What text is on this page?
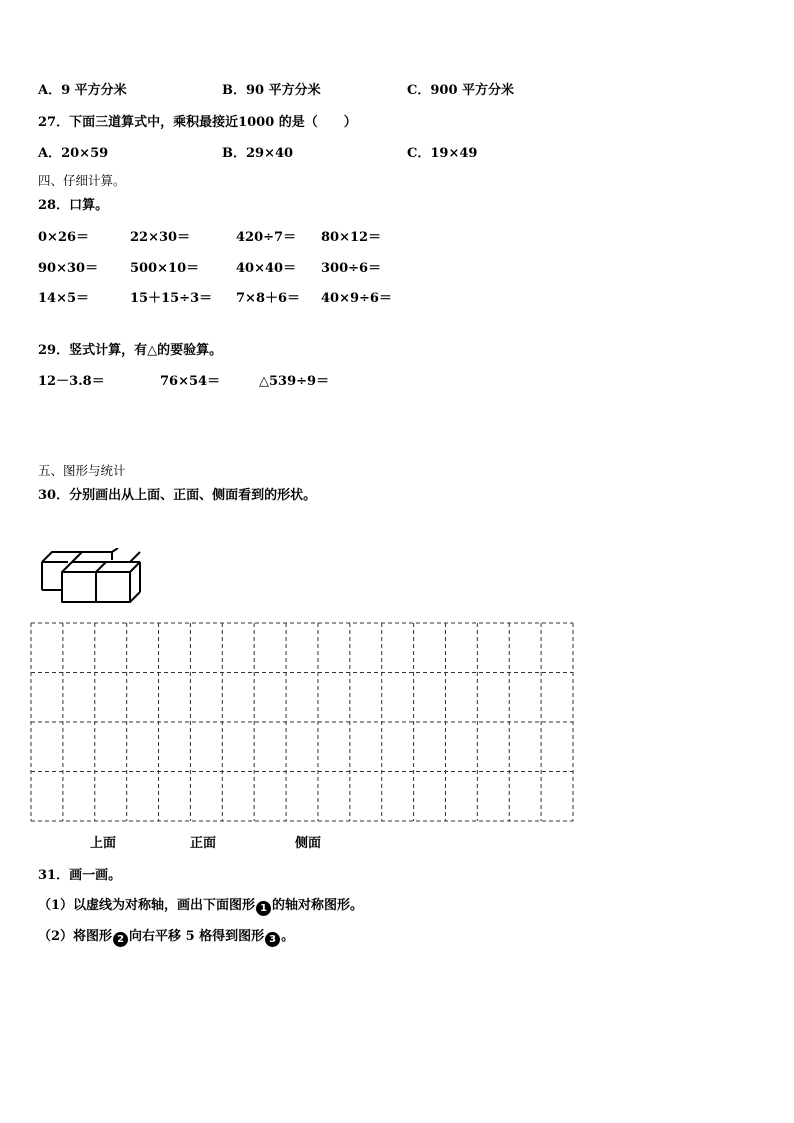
A．9 平方分米	B．90 平方分米	C．900 平方分米
27．下面三道算式中，乘积最接近1000 的是（　　）
A．20×59	B．29×40	C．19×49
四、仔细计算。
28．口算。
0×26＝	22×30＝	420÷7＝ 80×12＝
90×30＝ 500×10＝	40×40＝ 300÷6＝
14×5＝	15＋15÷3＝ 7×8＋6＝ 40×9÷6＝
29．竖式计算，有△的要验算。
12－3.8＝	76×54＝	△539÷9＝
五、图形与统计
30．分别画出从上面、正面、侧面看到的形状。
上面	正面	侧面
31．画一画。
（1）以虚线为对称轴，画出下面图形 1 的轴对称图形。
（2）将图形 2 向右平移 5 格得到图形 3 。
